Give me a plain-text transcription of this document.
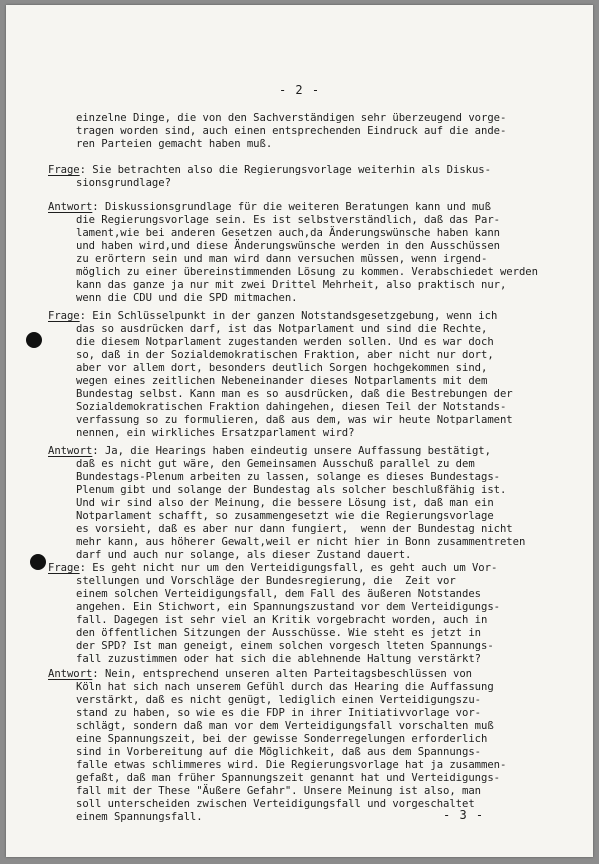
- 2 -
einzelne Dinge, die von den Sachverständigen sehr überzeugend vorge-
tragen worden sind, auch einen entsprechenden Eindruck auf die ande-
ren Parteien gemacht haben muß.
Frage: Sie betrachten also die Regierungsvorlage weiterhin als Diskus-
sionsgrundlage?
Antwort: Diskussionsgrundlage für die weiteren Beratungen kann und muß
die Regierungsvorlage sein. Es ist selbstverständlich, daß das Par-
lament,wie bei anderen Gesetzen auch,da Änderungswünsche haben kann
und haben wird,und diese Änderungswünsche werden in den Ausschüssen
zu erörtern sein und man wird dann versuchen müssen, wenn irgend-
möglich zu einer übereinstimmenden Lösung zu kommen. Verabschiedet werden
kann das ganze ja nur mit zwei Drittel Mehrheit, also praktisch nur,
wenn die CDU und die SPD mitmachen.
Frage: Ein Schlüsselpunkt in der ganzen Notstandsgesetzgebung, wenn ich
das so ausdrücken darf, ist das Notparlament und sind die Rechte,
die diesem Notparlament zugestanden werden sollen. Und es war doch
so, daß in der Sozialdemokratischen Fraktion, aber nicht nur dort,
aber vor allem dort, besonders deutlich Sorgen hochgekommen sind,
wegen eines zeitlichen Nebeneinander dieses Notparlaments mit dem
Bundestag selbst. Kann man es so ausdrücken, daß die Bestrebungen der
Sozialdemokratischen Fraktion dahingehen, diesen Teil der Notstands-
verfassung so zu formulieren, daß aus dem, was wir heute Notparlament
nennen, ein wirkliches Ersatzparlament wird?
Antwort: Ja, die Hearings haben eindeutig unsere Auffassung bestätigt,
daß es nicht gut wäre, den Gemeinsamen Ausschuß parallel zu dem
Bundestags-Plenum arbeiten zu lassen, solange es dieses Bundestags-
Plenum gibt und solange der Bundestag als solcher beschlußfähig ist.
Und wir sind also der Meinung, die bessere Lösung ist, daß man ein
Notparlament schafft, so zusammengesetzt wie die Regierungsvorlage
es vorsieht, daß es aber nur dann fungiert,  wenn der Bundestag nicht
mehr kann, aus höherer Gewalt,weil er nicht hier in Bonn zusammentreten
darf und auch nur solange, als dieser Zustand dauert.
Frage: Es geht nicht nur um den Verteidigungsfall, es geht auch um Vor-
stellungen und Vorschläge der Bundesregierung, die  Zeit vor
einem solchen Verteidigungsfall, dem Fall des äußeren Notstandes
angehen. Ein Stichwort, ein Spannungszustand vor dem Verteidigungs-
fall. Dagegen ist sehr viel an Kritik vorgebracht worden, auch in
den öffentlichen Sitzungen der Ausschüsse. Wie steht es jetzt in
der SPD? Ist man geneigt, einem solchen vorgesch lteten Spannungs-
fall zuzustimmen oder hat sich die ablehnende Haltung verstärkt?
Antwort: Nein, entsprechend unseren alten Parteitagsbeschlüssen von
Köln hat sich nach unserem Gefühl durch das Hearing die Auffassung
verstärkt, daß es nicht genügt, lediglich einen Verteidigungszu-
stand zu haben, so wie es die FDP in ihrer Initiativvorlage vor-
schlägt, sondern daß man vor dem Verteidigungsfall vorschalten muß
eine Spannungszeit, bei der gewisse Sonderregelungen erforderlich
sind in Vorbereitung auf die Möglichkeit, daß aus dem Spannungs-
falle etwas schlimmeres wird. Die Regierungsvorlage hat ja zusammen-
gefaßt, daß man früher Spannungszeit genannt hat und Verteidigungs-
fall mit der These "Äußere Gefahr". Unsere Meinung ist also, man
soll unterscheiden zwischen Verteidigungsfall und vorgeschaltet
einem Spannungsfall.	- 3 -
